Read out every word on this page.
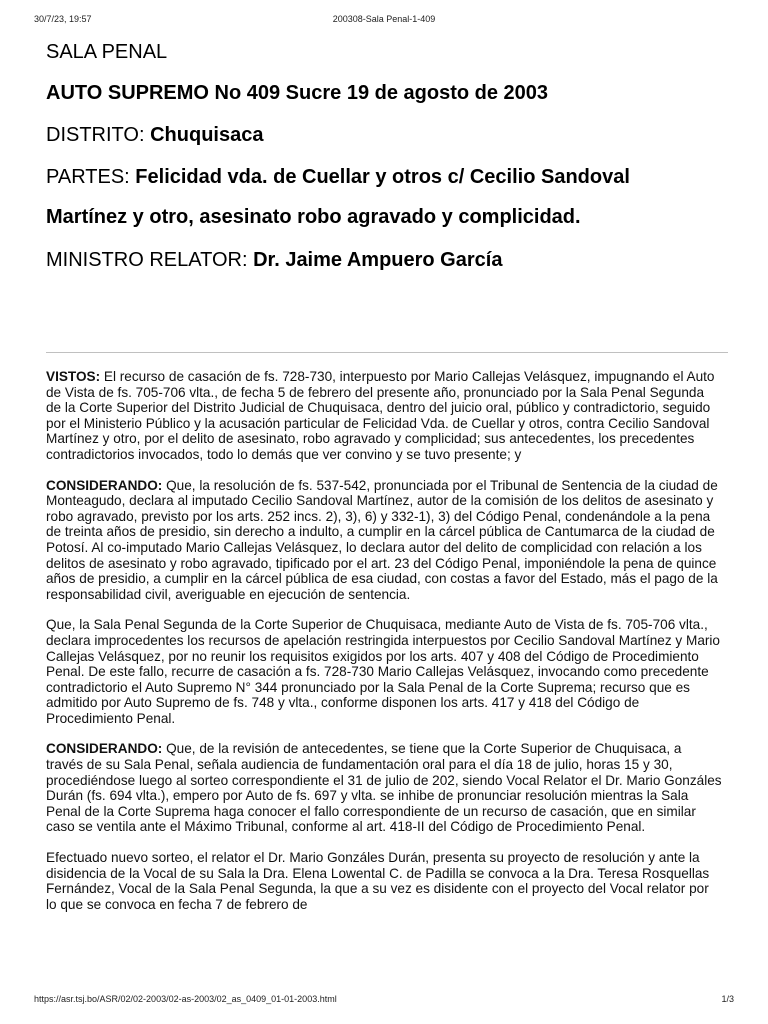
30/7/23, 19:57	200308-Sala Penal-1-409
SALA PENAL
AUTO SUPREMO No 409 Sucre 19 de agosto de 2003
DISTRITO: Chuquisaca
PARTES: Felicidad vda. de Cuellar y otros c/ Cecilio Sandoval
Martínez y otro, asesinato robo agravado y complicidad.
MINISTRO RELATOR: Dr. Jaime Ampuero García

VISTOS: El recurso de casación de fs. 728-730, interpuesto por Mario Callejas Velásquez, impugnando el Auto de Vista de fs. 705-706 vlta., de fecha 5 de febrero del presente año, pronunciado por la Sala Penal Segunda de la Corte Superior del Distrito Judicial de Chuquisaca, dentro del juicio oral, público y contradictorio, seguido por el Ministerio Público y la acusación particular de Felicidad Vda. de Cuellar y otros, contra Cecilio Sandoval Martínez y otro, por el delito de asesinato, robo agravado y complicidad; sus antecedentes, los precedentes contradictorios invocados, todo lo demás que ver convino y se tuvo presente; y

CONSIDERANDO: Que, la resolución de fs. 537-542, pronunciada por el Tribunal de Sentencia de la ciudad de Monteagudo, declara al imputado Cecilio Sandoval Martínez, autor de la comisión de los delitos de asesinato y robo agravado, previsto por los arts. 252 incs. 2), 3), 6) y 332-1), 3) del Código Penal, condenándole a la pena de treinta años de presidio, sin derecho a indulto, a cumplir en la cárcel pública de Cantumarca de la ciudad de Potosí. Al co-imputado Mario Callejas Velásquez, lo declara autor del delito de complicidad con relación a los delitos de asesinato y robo agravado, tipificado por el art. 23 del Código Penal, imponiéndole la pena de quince años de presidio, a cumplir en la cárcel pública de esa ciudad, con costas a favor del Estado, más el pago de la responsabilidad civil, averiguable en ejecución de sentencia.

Que, la Sala Penal Segunda de la Corte Superior de Chuquisaca, mediante Auto de Vista de fs. 705-706 vlta., declara improcedentes los recursos de apelación restringida interpuestos por Cecilio Sandoval Martínez y Mario Callejas Velásquez, por no reunir los requisitos exigidos por los arts. 407 y 408 del Código de Procedimiento Penal. De este fallo, recurre de casación a fs. 728-730 Mario Callejas Velásquez, invocando como precedente contradictorio el Auto Supremo N° 344 pronunciado por la Sala Penal de la Corte Suprema; recurso que es admitido por Auto Supremo de fs. 748 y vlta., conforme disponen los arts. 417 y 418 del Código de Procedimiento Penal.

CONSIDERANDO: Que, de la revisión de antecedentes, se tiene que la Corte Superior de Chuquisaca, a través de su Sala Penal, señala audiencia de fundamentación oral para el día 18 de julio, horas 15 y 30, procediéndose luego al sorteo correspondiente el 31 de julio de 202, siendo Vocal Relator el Dr. Mario Gonzáles Durán (fs. 694 vlta.), empero por Auto de fs. 697 y vlta. se inhibe de pronunciar resolución mientras la Sala Penal de la Corte Suprema haga conocer el fallo correspondiente de un recurso de casación, que en similar caso se ventila ante el Máximo Tribunal, conforme al art. 418-II del Código de Procedimiento Penal.

Efectuado nuevo sorteo, el relator el Dr. Mario Gonzáles Durán, presenta su proyecto de resolución y ante la disidencia de la Vocal de su Sala la Dra. Elena Lowental C. de Padilla se convoca a la Dra. Teresa Rosquellas Fernández, Vocal de la Sala Penal Segunda, la que a su vez es disidente con el proyecto del Vocal relator por lo que se convoca en fecha 7 de febrero de

https://asr.tsj.bo/ASR/02/02-2003/02-as-2003/02_as_0409_01-01-2003.html	1/3
